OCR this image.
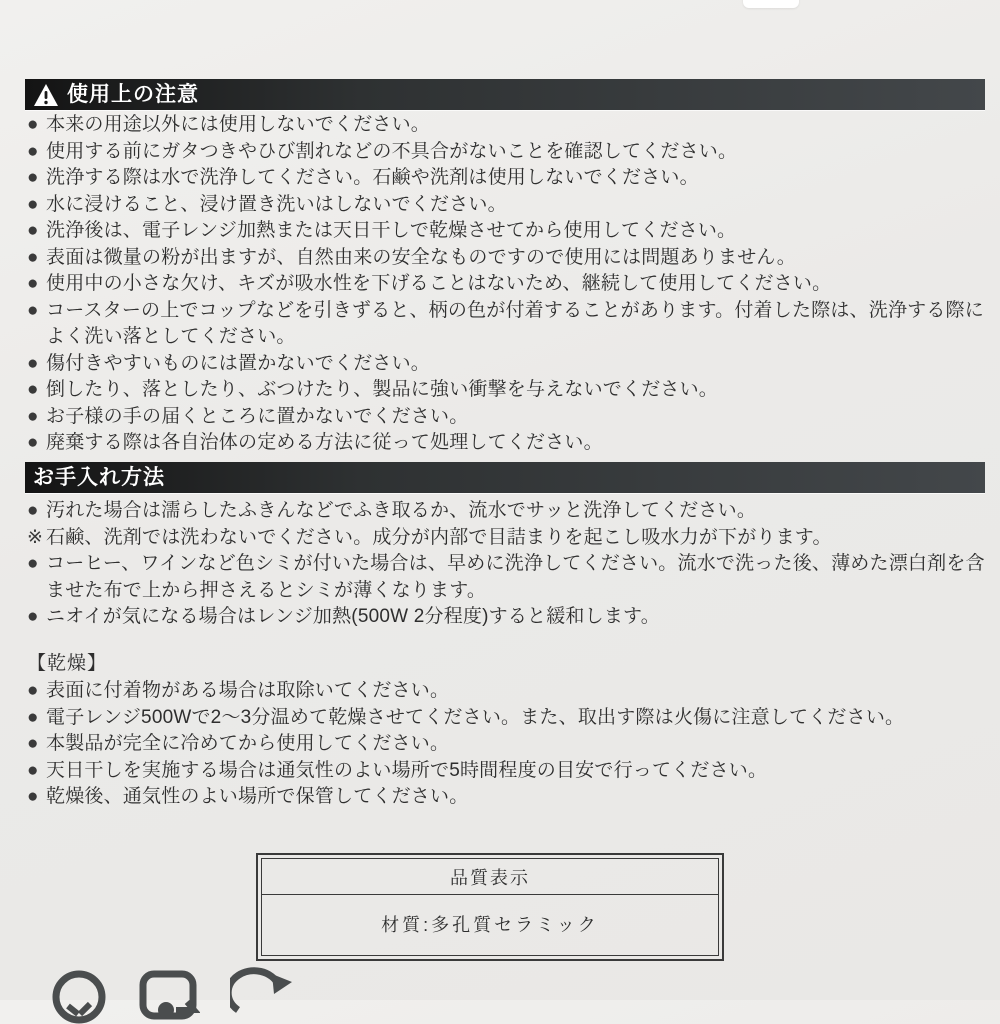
使用上の注意
● 本来の用途以外には使用しないでください。
● 使用する前にガタつきやひび割れなどの不具合がないことを確認してください。
● 洗浄する際は水で洗浄してください。石鹸や洗剤は使用しないでください。
● 水に浸けること、浸け置き洗いはしないでください。
● 洗浄後は、電子レンジ加熱または天日干しで乾燥させてから使用してください。
● 表面は微量の粉が出ますが、自然由来の安全なものですので使用には問題ありません。
● 使用中の小さな欠け、キズが吸水性を下げることはないため、継続して使用してください。
● コースターの上でコップなどを引きずると、柄の色が付着することがあります。付着した際は、洗浄する際によく洗い落としてください。
● 傷付きやすいものには置かないでください。
● 倒したり、落としたり、ぶつけたり、製品に強い衝撃を与えないでください。
● お子様の手の届くところに置かないでください。
● 廃棄する際は各自治体の定める方法に従って処理してください。
お手入れ方法
● 汚れた場合は濡らしたふきんなどでふき取るか、流水でサッと洗浄してください。
※ 石鹸、洗剤では洗わないでください。成分が内部で目詰まりを起こし吸水力が下がります。
● コーヒー、ワインなど色シミが付いた場合は、早めに洗浄してください。流水で洗った後、薄めた漂白剤を含ませた布で上から押さえるとシミが薄くなります。
● ニオイが気になる場合はレンジ加熱(500W 2分程度)すると緩和します。
【乾燥】
● 表面に付着物がある場合は取除いてください。
● 電子レンジ500Wで2〜3分温めて乾燥させてください。また、取出す際は火傷に注意してください。
● 本製品が完全に冷めてから使用してください。
● 天日干しを実施する場合は通気性のよい場所で5時間程度の目安で行ってください。
● 乾燥後、通気性のよい場所で保管してください。
品質表示
材質:多孔質セラミック
